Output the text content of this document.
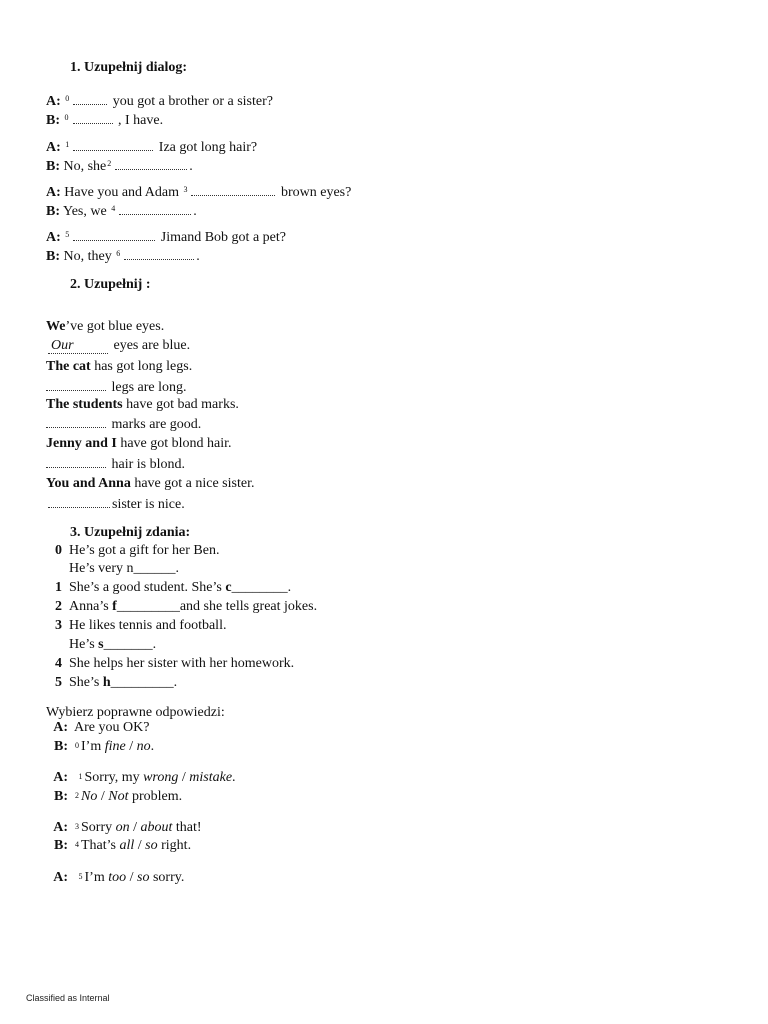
1. Uzupełnij dialog:
A: $^0$	you got a brother or a sister?
B: $^0$	, I have.
A: $^1$	Iza got long hair?
B: No, she$^2$	.
A: Have you and Adam $^3$	brown eyes?
B: Yes, we $^4$	.
A: $^5$	Jimand Bob got a pet?
B: No, they $^6$	.
2. Uzupełnij :
We’ve got blue eyes.
Our	eyes are blue.
The cat has got long legs.
legs are long.
The students have got bad marks.
marks are good.
Jenny and I have got blond hair.
hair is blond.
You and Anna have got a nice sister.
sister is nice.
3. Uzupełnij zdania:
0 He’s got a gift for her Ben.
He’s very n______.
1 She’s a good student. She’s c________.
2 Anna’s f_________and she tells great jokes.
3 He likes tennis and football.
He’s s_______.
4 She helps her sister with her homework.
5 She’s h_________.
Wybierz poprawne odpowiedzi:
A: Are you OK?
B: $^0$ I’m fine / no.
A: $^1$ Sorry, my wrong / mistake.
B: $^2$ No / Not problem.
A: $^3$ Sorry on / about that!
B: $^4$ That’s all / so right.
A: $^5$ I’m too / so sorry.
Classified as Internal
